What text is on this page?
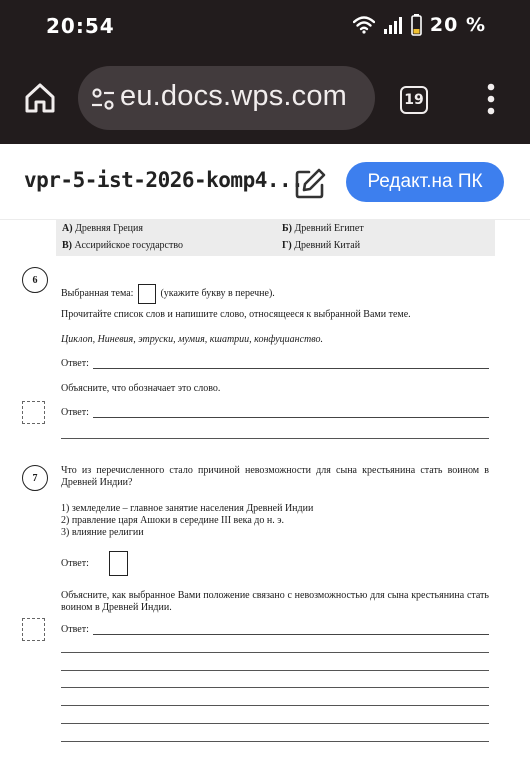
20:54	20 %
eu.docs.wps.com	19
vpr-5-ist-2026-komp4...	Редакт.на ПК
А) Древняя Греция	Б) Древний Египет
В) Ассирийское государство	Г) Древний Китай
6
Выбранная тема:	(укажите букву в перечне).
Прочитайте список слов и напишите слово, относящееся к выбранной Вами теме.
Циклоп, Ниневия, этруски, мумия, кшатрии, конфуцианство.
Ответ:
Объясните, что обозначает это слово.
Ответ:
7
Что из перечисленного стало причиной невозможности для сына крестьянина стать воином в Древней Индии?
1) земледелие – главное занятие населения Древней Индии
2) правление царя Ашоки в середине III века до н. э.
3) влияние религии
Ответ:
Объясните, как выбранное Вами положение связано с невозможностью для сына крестьянина стать воином в Древней Индии.
Ответ:
